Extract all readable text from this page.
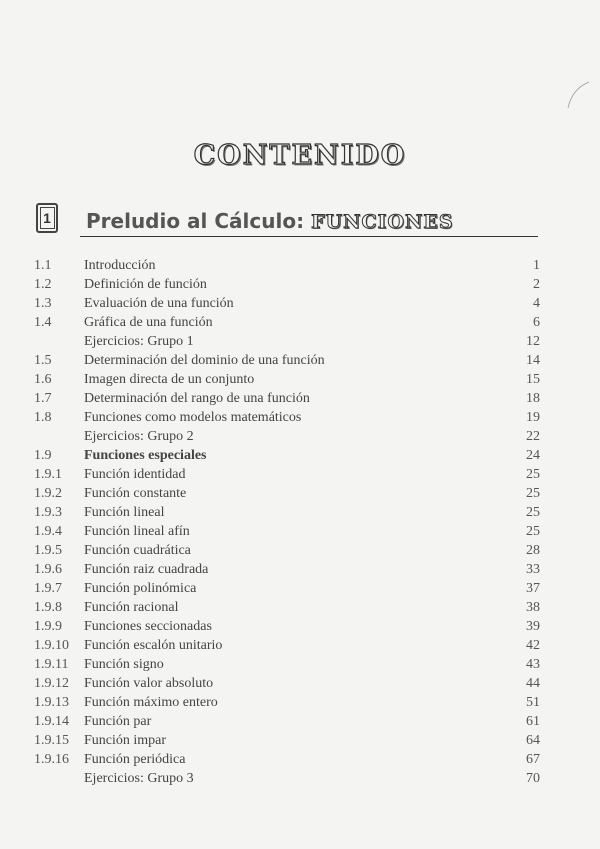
CONTENIDO
1 Preludio al Cálculo: FUNCIONES
1.1 Introducción	1
1.2 Definición de función	2
1.3 Evaluación de una función	4
1.4 Gráfica de una función	6
Ejercicios: Grupo 1	12
1.5 Determinación del dominio de una función	14
1.6 Imagen directa de un conjunto	15
1.7 Determinación del rango de una función	18
1.8 Funciones como modelos matemáticos	19
Ejercicios: Grupo 2	22
1.9 Funciones especiales	24
1.9.1 Función identidad	25
1.9.2 Función constante	25
1.9.3 Función lineal	25
1.9.4 Función lineal afín	25
1.9.5 Función cuadrática	28
1.9.6 Función raiz cuadrada	33
1.9.7 Función polinómica	37
1.9.8 Función racional	38
1.9.9 Funciones seccionadas	39
1.9.10 Función escalón unitario	42
1.9.11 Función signo	43
1.9.12 Función valor absoluto	44
1.9.13 Función máximo entero	51
1.9.14 Función par	61
1.9.15 Función impar	64
1.9.16 Función periódica	67
Ejercicios: Grupo 3	70
